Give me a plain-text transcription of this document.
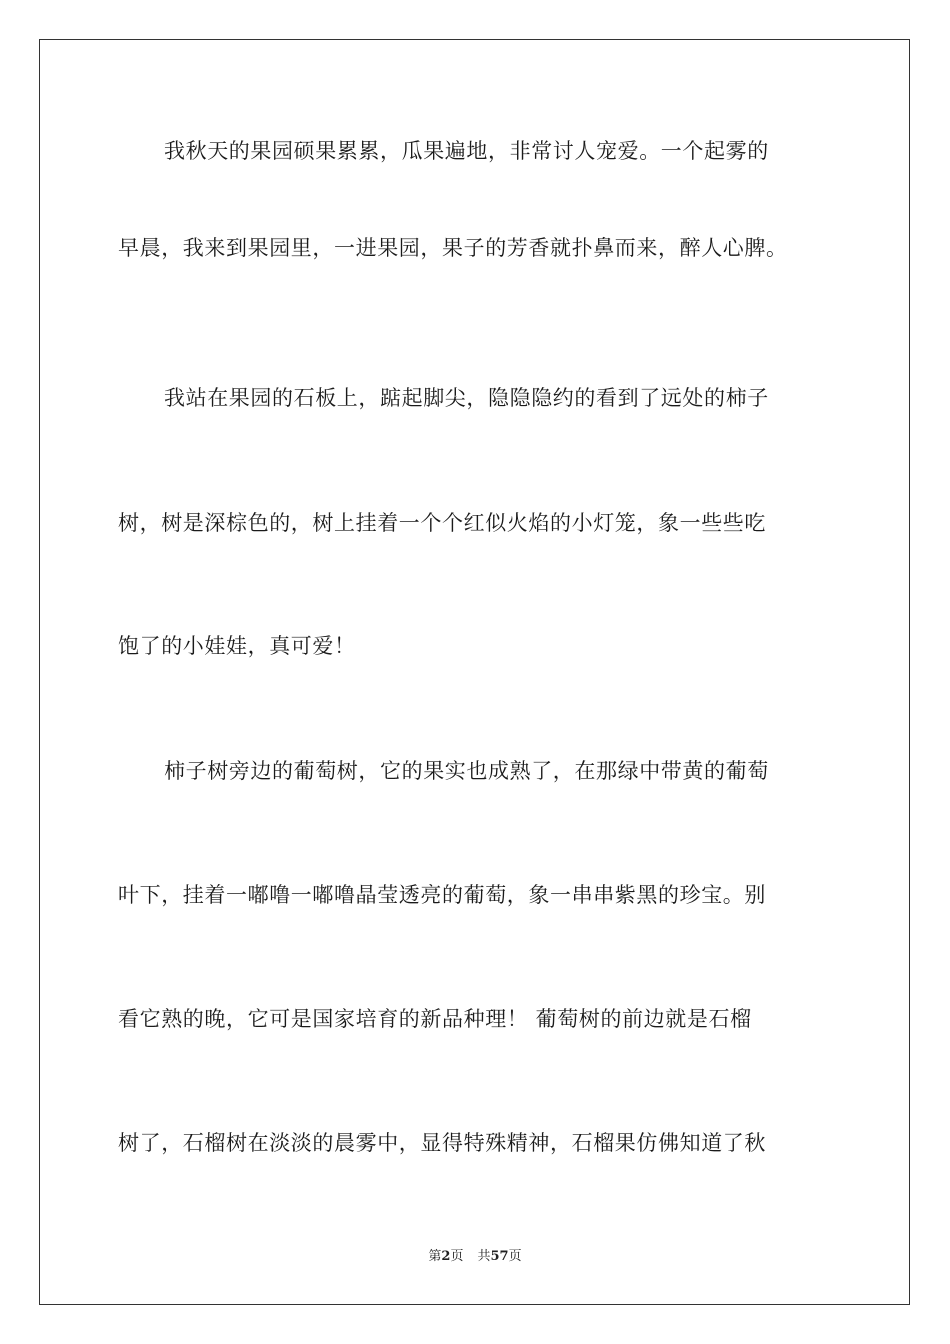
我秋天的果园硕果累累，瓜果遍地，非常讨人宠爱。一个起雾的
早晨，我来到果园里，一进果园，果子的芳香就扑鼻而来，醉人心脾。
我站在果园的石板上，踮起脚尖，隐隐隐约的看到了远处的柿子
树，树是深棕色的，树上挂着一个个红似火焰的小灯笼，象一些些吃
饱了的小娃娃，真可爱！
柿子树旁边的葡萄树，它的果实也成熟了，在那绿中带黄的葡萄
叶下，挂着一嘟噜一嘟噜晶莹透亮的葡萄，象一串串紫黑的珍宝。别
看它熟的晚，它可是国家培育的新品种理！ 葡萄树的前边就是石榴
树了，石榴树在淡淡的晨雾中，显得特殊精神，石榴果仿佛知道了秋
第2页 共57页
